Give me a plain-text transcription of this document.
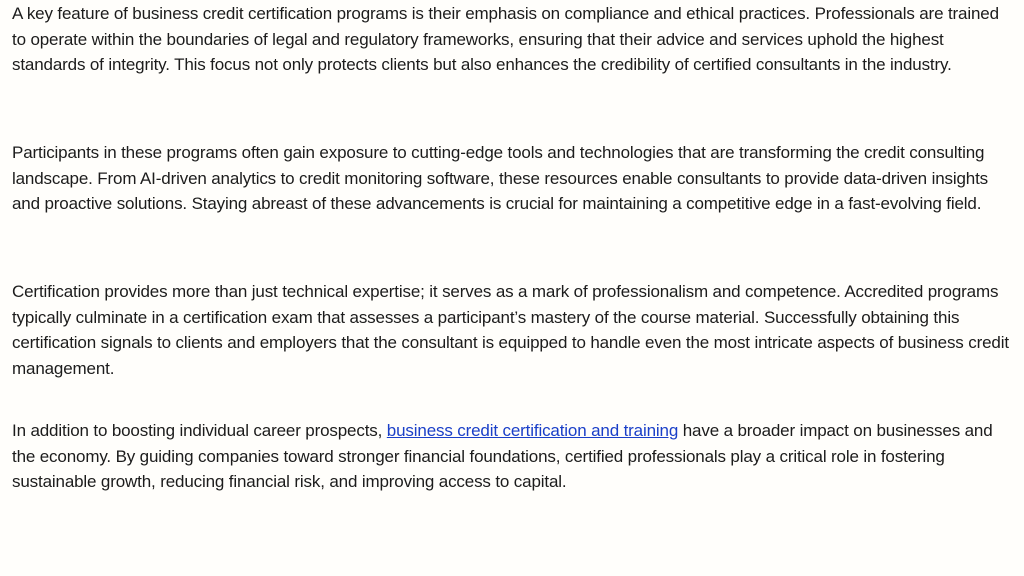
A key feature of business credit certification programs is their emphasis on compliance and ethical practices. Professionals are trained to operate within the boundaries of legal and regulatory frameworks, ensuring that their advice and services uphold the highest standards of integrity. This focus not only protects clients but also enhances the credibility of certified consultants in the industry.

Participants in these programs often gain exposure to cutting-edge tools and technologies that are transforming the credit consulting landscape. From AI-driven analytics to credit monitoring software, these resources enable consultants to provide data-driven insights and proactive solutions. Staying abreast of these advancements is crucial for maintaining a competitive edge in a fast-evolving field.

Certification provides more than just technical expertise; it serves as a mark of professionalism and competence. Accredited programs typically culminate in a certification exam that assesses a participant’s mastery of the course material. Successfully obtaining this certification signals to clients and employers that the consultant is equipped to handle even the most intricate aspects of business credit management.

In addition to boosting individual career prospects, business credit certification and training have a broader impact on businesses and the economy. By guiding companies toward stronger financial foundations, certified professionals play a critical role in fostering sustainable growth, reducing financial risk, and improving access to capital.
